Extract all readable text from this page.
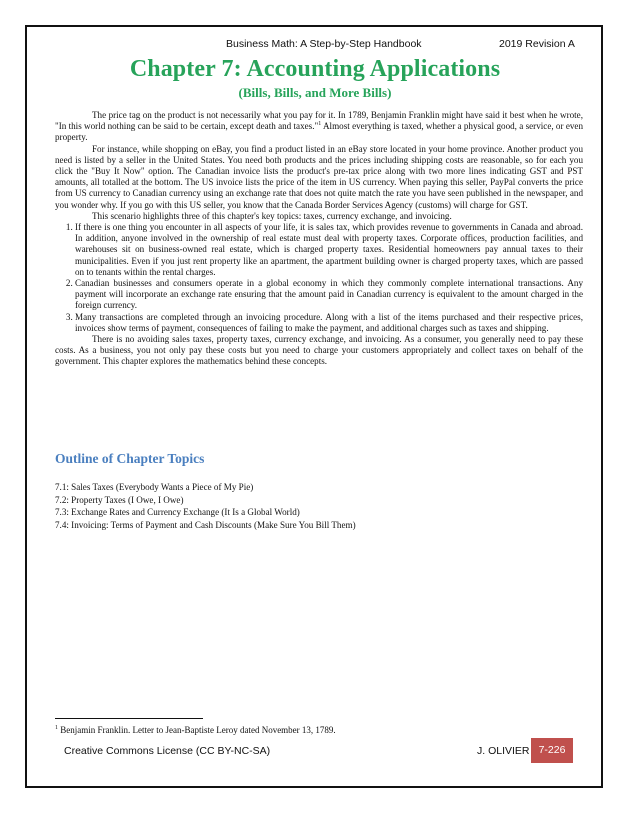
Business Math: A Step-by-Step Handbook	2019 Revision A
Chapter 7: Accounting Applications
(Bills, Bills, and More Bills)

The price tag on the product is not necessarily what you pay for it. In 1789, Benjamin Franklin might have said it best when he wrote, "In this world nothing can be said to be certain, except death and taxes."$^1$ Almost everything is taxed, whether a physical good, a service, or even property.

For instance, while shopping on eBay, you find a product listed in an eBay store located in your home province. Another product you need is listed by a seller in the United States. You need both products and the prices including shipping costs are reasonable, so for each you click the "Buy It Now" option. The Canadian invoice lists the product's pre-tax price along with two more lines indicating GST and PST amounts, all totalled at the bottom. The US invoice lists the price of the item in US currency. When paying this seller, PayPal converts the price from US currency to Canadian currency using an exchange rate that does not quite match the rate you have seen published in the newspaper, and you wonder why. If you go with this US seller, you know that the Canada Border Services Agency (customs) will charge for GST.

This scenario highlights three of this chapter's key topics: taxes, currency exchange, and invoicing.

1. If there is one thing you encounter in all aspects of your life, it is sales tax, which provides revenue to governments in Canada and abroad. In addition, anyone involved in the ownership of real estate must deal with property taxes. Corporate offices, production facilities, and warehouses sit on business-owned real estate, which is charged property taxes. Residential homeowners pay annual taxes to their municipalities. Even if you just rent property like an apartment, the apartment building owner is charged property taxes, which are passed on to tenants within the rental charges.
2. Canadian businesses and consumers operate in a global economy in which they commonly complete international transactions. Any payment will incorporate an exchange rate ensuring that the amount paid in Canadian currency is equivalent to the amount charged in the foreign currency.
3. Many transactions are completed through an invoicing procedure. Along with a list of the items purchased and their respective prices, invoices show terms of payment, consequences of failing to make the payment, and additional charges such as taxes and shipping.

There is no avoiding sales taxes, property taxes, currency exchange, and invoicing. As a consumer, you generally need to pay these costs. As a business, you not only pay these costs but you need to charge your customers appropriately and collect taxes on behalf of the government. This chapter explores the mathematics behind these concepts.

Outline of Chapter Topics
7.1: Sales Taxes (Everybody Wants a Piece of My Pie)
7.2: Property Taxes (I Owe, I Owe)
7.3: Exchange Rates and Currency Exchange (It Is a Global World)
7.4: Invoicing: Terms of Payment and Cash Discounts (Make Sure You Bill Them)
$^1$ Benjamin Franklin. Letter to Jean-Baptiste Leroy dated November 13, 1789.
Creative Commons License (CC BY-NC-SA)	J. OLIVIER 7-226
